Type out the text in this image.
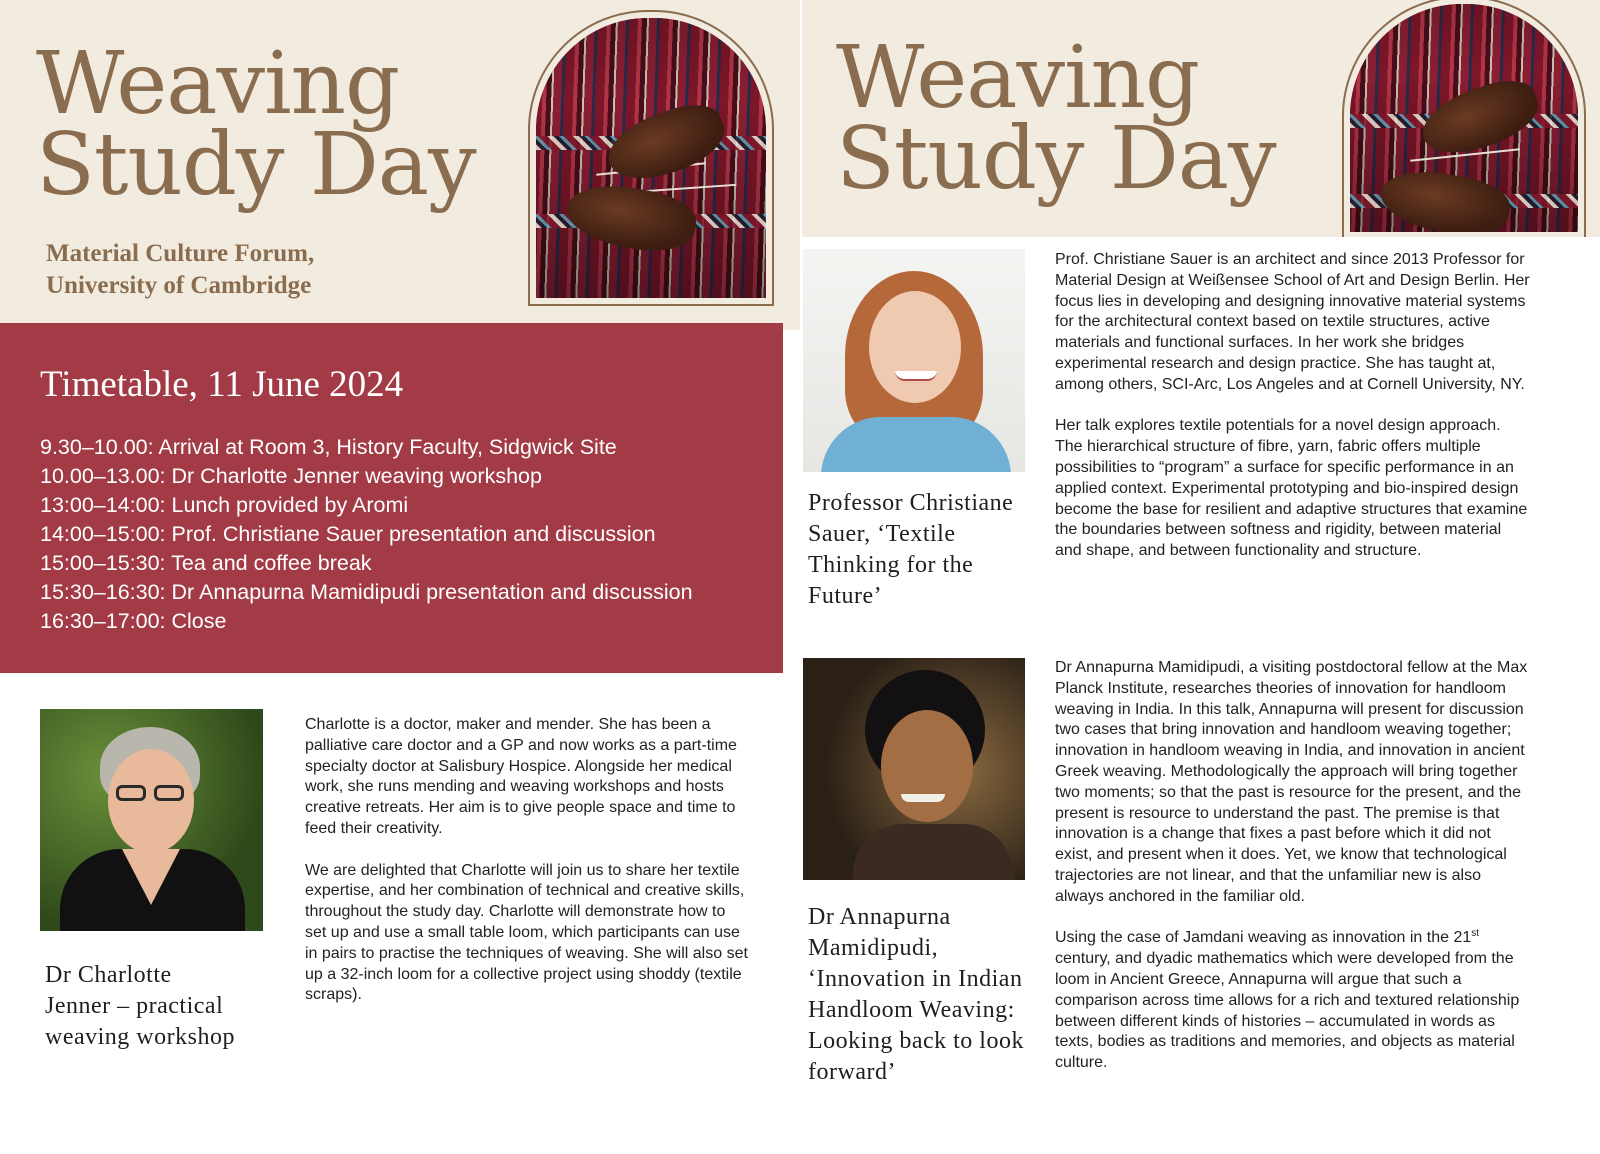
Weaving
Study Day
Material Culture Forum,
University of Cambridge
Timetable, 11 June 2024
9.30–10.00: Arrival at Room 3, History Faculty, Sidgwick Site
10.00–13.00: Dr Charlotte Jenner weaving workshop
13:00–14:00: Lunch provided by Aromi
14:00–15:00: Prof. Christiane Sauer presentation and discussion
15:00–15:30: Tea and coffee break
15:30–16:30: Dr Annapurna Mamidipudi presentation and discussion
16:30–17:00: Close
Dr Charlotte
Jenner – practical
weaving workshop

Charlotte is a doctor, maker and mender. She has been a palliative care doctor and a GP and now works as a part-time specialty doctor at Salisbury Hospice. Alongside her medical work, she runs mending and weaving workshops and hosts creative retreats. Her aim is to give people space and time to feed their creativity.

We are delighted that Charlotte will join us to share her textile expertise, and her combination of technical and creative skills, throughout the study day. Charlotte will demonstrate how to set up and use a small table loom, which participants can use in pairs to practise the techniques of weaving. She will also set up a 32-inch loom for a collective project using shoddy (textile scraps).

Weaving
Study Day
Professor Christiane
Sauer, ‘Textile
Thinking for the
Future’

Prof. Christiane Sauer is an architect and since 2013 Professor for Material Design at Weißensee School of Art and Design Berlin. Her focus lies in developing and designing innovative material systems for the architectural context based on textile structures, active materials and functional surfaces. In her work she bridges experimental research and design practice. She has taught at, among others, SCI-Arc, Los Angeles and at Cornell University, NY.

Her talk explores textile potentials for a novel design approach. The hierarchical structure of fibre, yarn, fabric offers multiple possibilities to “program” a surface for specific performance in an applied context. Experimental prototyping and bio-inspired design become the base for resilient and adaptive structures that examine the boundaries between softness and rigidity, between material and shape, and between functionality and structure.

Dr Annapurna
Mamidipudi,
‘Innovation in Indian
Handloom Weaving:
Looking back to look
forward’

Dr Annapurna Mamidipudi, a visiting postdoctoral fellow at the Max Planck Institute, researches theories of innovation for handloom weaving in India. In this talk, Annapurna will present for discussion two cases that bring innovation and handloom weaving together; innovation in handloom weaving in India, and innovation in ancient Greek weaving. Methodologically the approach will bring together two moments; so that the past is resource for the present, and the present is resource to understand the past. The premise is that innovation is a change that fixes a past before which it did not exist, and present when it does. Yet, we know that technological trajectories are not linear, and that the unfamiliar new is also always anchored in the familiar old.

Using the case of Jamdani weaving as innovation in the 21st century, and dyadic mathematics which were developed from the loom in Ancient Greece, Annapurna will argue that such a comparison across time allows for a rich and textured relationship between different kinds of histories – accumulated in words as texts, bodies as traditions and memories, and objects as material culture.
